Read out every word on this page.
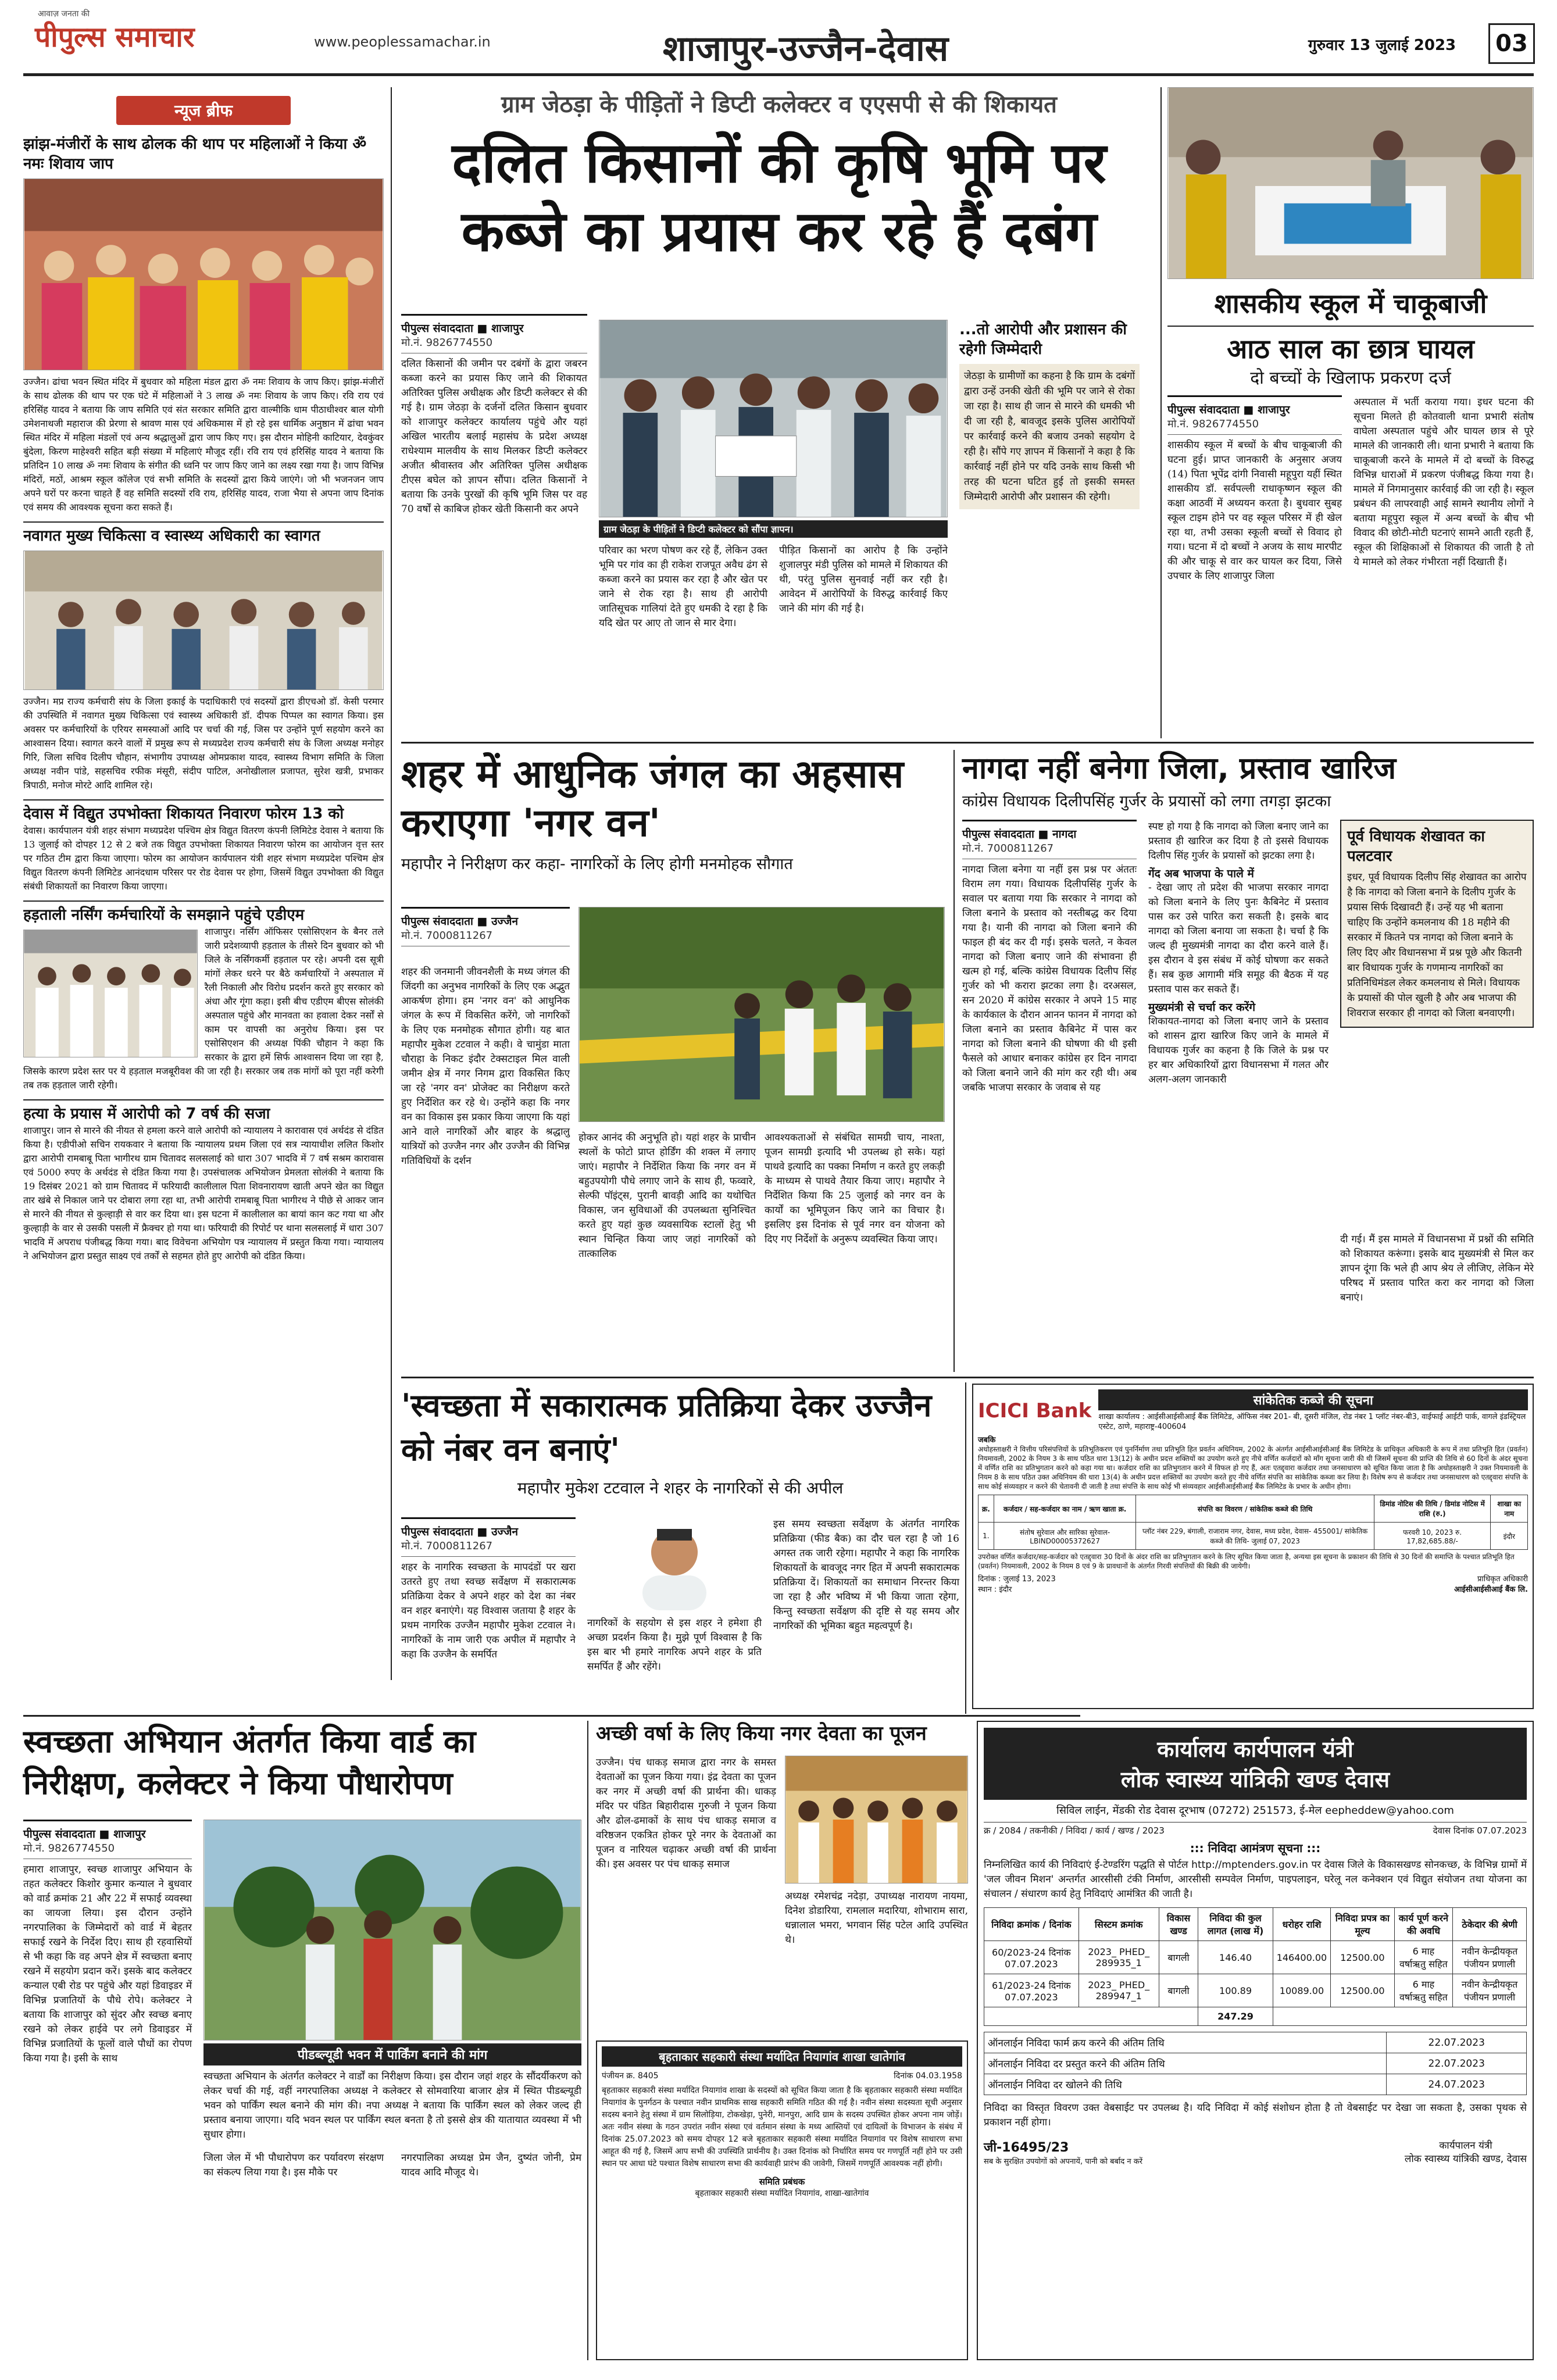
आवाज़ जनता की
पीपुल्स समाचार	www.peoplessamachar.in	शाजापुर-उज्जैन-देवास	गुरुवार 13 जुलाई 2023	03
न्यूज ब्रीफ
झांझ-मंजीरों के साथ ढोलक की थाप पर महिलाओं ने किया ॐ नमः शिवाय जाप
उज्जैन। ढांचा भवन स्थित मंदिर में बुधवार को महिला मंडल द्वारा ॐ नमः शिवाय के जाप किए। झांझ-मंजीरों के साथ ढोलक की थाप पर एक घंटे में महिलाओं ने 3 लाख ॐ नमः शिवाय के जाप किए। रवि राय एवं हरिसिंह यादव ने बताया कि जाप समिति एवं संत सरकार समिति द्वारा वाल्मीकि धाम पीठाधीश्वर बाल योगी उमेशनाथजी महाराज की प्रेरणा से श्रावण मास एवं अधिकमास में हो रहे इस धार्मिक अनुष्ठान में ढांचा भवन स्थित मंदिर में महिला मंडलों एवं अन्य श्रद्धालुओं द्वारा जाप किए गए। इस दौरान मोहिनी काटियार, देवकुंवर बुंदेला, किरण माहेश्वरी सहित बड़ी संख्या में महिलाएं मौजूद रहीं। रवि राय एवं हरिसिंह यादव ने बताया कि प्रतिदिन 10 लाख ॐ नमः शिवाय के संगीत की ध्वनि पर जाप किए जाने का लक्ष्य रखा गया है। जाप विभिन्न मंदिरों, मठों, आश्रम स्कूल कॉलेज एवं सभी समिति के सदस्यों द्वारा किये जाएंगे। जो भी भजनजन जाप अपने घरों पर करना चाहते हैं वह समिति सदस्यों रवि राय, हरिसिंह यादव, राजा भैया से अपना जाप दिनांक एवं समय की आवश्यक सूचना करा सकते हैं।
नवागत मुख्य चिकित्सा व स्वास्थ्य अधिकारी का स्वागत
उज्जैन। मप्र राज्य कर्मचारी संघ के जिला इकाई के पदाधिकारी एवं सदस्यों द्वारा डीएचओ डॉ. केसी परमार की उपस्थिति में नवागत मुख्य चिकित्सा एवं स्वास्थ्य अधिकारी डॉ. दीपक पिप्पल का स्वागत किया। इस अवसर पर कर्मचारियों के एरियर समस्याओं आदि पर चर्चा की गई, जिस पर उन्होंने पूर्ण सहयोग करने का आश्वासन दिया। स्वागत करने वालों में प्रमुख रूप से मध्यप्रदेश राज्य कर्मचारी संघ के जिला अध्यक्ष मनोहर गिरि, जिला सचिव दिलीप चौहान, संभागीय उपाध्यक्ष ओमप्रकाश यादव, स्वास्थ्य विभाग समिति के जिला अध्यक्ष नवीन पांडे, सहसचिव रफीक मंसूरी, संदीप पाटिल, अनोखीलाल प्रजापत, सुरेश खत्री, प्रभाकर त्रिपाठी, मनोज मोरटे आदि शामिल रहे।
देवास में विद्युत उपभोक्ता शिकायत निवारण फोरम 13 को
देवास। कार्यपालन यंत्री शहर संभाग मध्यप्रदेश पश्चिम क्षेत्र विद्युत वितरण कंपनी लिमिटेड देवास ने बताया कि 13 जुलाई को दोपहर 12 से 2 बजे तक विद्युत उपभोक्ता शिकायत निवारण फोरम का आयोजन वृत्त स्तर पर गठित टीम द्वारा किया जाएगा। फोरम का आयोजन कार्यपालन यंत्री शहर संभाग मध्यप्रदेश पश्चिम क्षेत्र विद्युत वितरण कंपनी लिमिटेड आनंदधाम परिसर पर रोड देवास पर होगा, जिसमें विद्युत उपभोक्ता की विद्युत संबंधी शिकायतों का निवारण किया जाएगा।
हड़ताली नर्सिंग कर्मचारियों के समझाने पहुंचे एडीएम
शाजापुर। नर्सिंग ऑफिसर एसोसिएशन के बैनर तले जारी प्रदेशव्यापी हड़ताल के तीसरे दिन बुधवार को भी जिले के नर्सिंगकर्मी हड़ताल पर रहे। अपनी दस सूत्री मांगों लेकर धरने पर बैठे कर्मचारियों ने अस्पताल में रैली निकाली और विरोध प्रदर्शन करते हुए सरकार को अंधा और गूंगा कहा। इसी बीच एडीएम बीएस सोलंकी अस्पताल पहुंचे और मानवता का हवाला देकर नर्सों से काम पर वापसी का अनुरोध किया। इस पर एसोसिएशन की अध्यक्ष पिंकी चौहान ने कहा कि सरकार के द्वारा हमें सिर्फ आश्वासन दिया जा रहा है, जिसके कारण प्रदेश स्तर पर ये हड़ताल मजबूरीवश की जा रही है। सरकार जब तक मांगों को पूरा नहीं करेगी तब तक हड़ताल जारी रहेगी।
हत्या के प्रयास में आरोपी को 7 वर्ष की सजा
शाजापुर। जान से मारने की नीयत से हमला करने वाले आरोपी को न्यायालय ने कारावास एवं अर्थदंड से दंडित किया है। एडीपीओ सचिन रायकवार ने बताया कि न्यायालय प्रथम जिला एवं सत्र न्यायाधीश ललित किशोर द्वारा आरोपी रामबाबू पिता भागीरथ ग्राम चितावद सलसलाई को धारा 307 भादवि में 7 वर्ष सश्रम कारावास एवं 5000 रुपए के अर्थदंड से दंडित किया गया है। उपसंचालक अभियोजन प्रेमलता सोलंकी ने बताया कि 19 दिसंबर 2021 को ग्राम चितावद में फरियादी कालीलाल पिता शिवनारायण खाती अपने खेत का विद्युत तार खंबे से निकाल जाने पर दोबारा लगा रहा था, तभी आरोपी रामबाबू पिता भागीरथ ने पीछे से आकर जान से मारने की नीयत से कुल्हाड़ी से वार कर दिया था। इस घटना में कालीलाल का बायां कान कट गया था और कुल्हाड़ी के वार से उसकी पसली में फ्रैक्चर हो गया था। फरियादी की रिपोर्ट पर थाना सलसलाई में धारा 307 भादवि में अपराध पंजीबद्ध किया गया। बाद विवेचना अभियोग पत्र न्यायालय में प्रस्तुत किया गया। न्यायालय ने अभियोजन द्वारा प्रस्तुत साक्ष्य एवं तर्कों से सहमत होते हुए आरोपी को दंडित किया।
ग्राम जेठड़ा के पीड़ितों ने डिप्टी कलेक्टर व एएसपी से की शिकायत
दलित किसानों की कृषि भूमि पर कब्जे का प्रयास कर रहे हैं दबंग
पीपुल्स संवाददाता ■ शाजापुर
मो.नं. 9826774550
दलित किसानों की जमीन पर दबंगों के द्वारा जबरन कब्जा करने का प्रयास किए जाने की शिकायत अतिरिक्त पुलिस अधीक्षक और डिप्टी कलेक्टर से की गई है। ग्राम जेठड़ा के दर्जनों दलित किसान बुधवार को शाजापुर कलेक्टर कार्यालय पहुंचे और यहां अखिल भारतीय बलाई महासंघ के प्रदेश अध्यक्ष राधेश्याम मालवीय के साथ मिलकर डिप्टी कलेक्टर अजीत श्रीवास्तव और अतिरिक्त पुलिस अधीक्षक टीएस बघेल को ज्ञापन सौंपा। दलित किसानों ने बताया कि उनके पुरखों की कृषि भूमि जिस पर वह 70 वर्षों से काबिज होकर खेती किसानी कर अपने
ग्राम जेठड़ा के पीड़ितों ने डिप्टी कलेक्टर को सौंपा ज्ञापन।
परिवार का भरण पोषण कर रहे हैं, लेकिन उक्त भूमि पर गांव का ही राकेश राजपूत अवैध ढंग से कब्जा करने का प्रयास कर रहा है और खेत पर जाने से रोक रहा है। साथ ही आरोपी जातिसूचक गालियां देते हुए धमकी दे रहा है कि यदि खेत पर आए तो जान से मार देगा।
पीड़ित किसानों का आरोप है कि उन्होंने शुजालपुर मंडी पुलिस को मामले में शिकायत की थी, परंतु पुलिस सुनवाई नहीं कर रही है। आवेदन में आरोपियों के विरुद्ध कार्रवाई किए जाने की मांग की गई है।
...तो आरोपी और प्रशासन की रहेगी जिम्मेदारी
जेठड़ा के ग्रामीणों का कहना है कि ग्राम के दबंगों द्वारा उन्हें उनकी खेती की भूमि पर जाने से रोका जा रहा है। साथ ही जान से मारने की धमकी भी दी जा रही है, बावजूद इसके पुलिस आरोपियों पर कार्रवाई करने की बजाय उनको सहयोग दे रही है। सौंपे गए ज्ञापन में किसानों ने कहा है कि कार्रवाई नहीं होने पर यदि उनके साथ किसी भी तरह की घटना घटित हुई तो इसकी समस्त जिम्मेदारी आरोपी और प्रशासन की रहेगी।
शासकीय स्कूल में चाकूबाजी
आठ साल का छात्र घायल
दो बच्चों के खिलाफ प्रकरण दर्ज
पीपुल्स संवाददाता ■ शाजापुर
मो.नं. 9826774550
शासकीय स्कूल में बच्चों के बीच चाकूबाजी की घटना हुई। प्राप्त जानकारी के अनुसार अजय (14) पिता भूपेंद्र दांगी निवासी महूपुरा यहीं स्थित शासकीय डॉ. सर्वपल्ली राधाकृष्णन स्कूल की कक्षा आठवीं में अध्ययन करता है। बुधवार सुबह स्कूल टाइम होने पर वह स्कूल परिसर में ही खेल रहा था, तभी उसका स्कूली बच्चों से विवाद हो गया। घटना में दो बच्चों ने अजय के साथ मारपीट की और चाकू से वार कर घायल कर दिया, जिसे उपचार के लिए शाजापुर जिला
अस्पताल में भर्ती कराया गया। इधर घटना की सूचना मिलते ही कोतवाली थाना प्रभारी संतोष वाघेला अस्पताल पहुंचे और घायल छात्र से पूरे मामले की जानकारी ली। थाना प्रभारी ने बताया कि चाकूबाजी करने के मामले में दो बच्चों के विरुद्ध विभिन्न धाराओं में प्रकरण पंजीबद्ध किया गया है। मामले में निगमानुसार कार्रवाई की जा रही है। स्कूल प्रबंधन की लापरवाही आई सामने स्थानीय लोगों ने बताया महूपुरा स्कूल में अन्य बच्चों के बीच भी विवाद की छोटी-मोटी घटनाएं सामने आती रहती हैं, स्कूल की शिक्षिकाओं से शिकायत की जाती है तो ये मामले को लेकर गंभीरता नहीं दिखाती हैं।
शहर में आधुनिक जंगल का अहसास कराएगा 'नगर वन'
महापौर ने निरीक्षण कर कहा- नागरिकों के लिए होगी मनमोहक सौगात
पीपुल्स संवाददाता ■ उज्जैन
मो.नं. 7000811267
शहर की जनमानी जीवनशैली के मध्य जंगल की जिंदगी का अनुभव नागरिकों के लिए एक अद्भुत आकर्षण होगा। हम 'नगर वन' को आधुनिक जंगल के रूप में विकसित करेंगे, जो नागरिकों के लिए एक मनमोहक सौगात होगी। यह बात महापौर मुकेश टटवाल ने कही। वे चामुंडा माता चौराहा के निकट इंदौर टेक्सटाइल मिल वाली जमीन क्षेत्र में नगर निगम द्वारा विकसित किए जा रहे 'नगर वन' प्रोजेक्ट का निरीक्षण करते हुए निर्देशित कर रहे थे। उन्होंने कहा कि नगर वन का विकास इस प्रकार किया जाएगा कि यहां आने वाले नागरिकों और बाहर के श्रद्धालु यात्रियों को उज्जैन नगर और उज्जैन की विभिन्न गतिविधियों के दर्शन
होकर आनंद की अनुभूति हो। यहां शहर के प्राचीन स्थलों के फोटो प्राप्त होर्डिंग की शक्ल में लगाए जाएं। महापौर ने निर्देशित किया कि नगर वन में बहुउपयोगी पौधे लगाए जाने के साथ ही, फव्वारे, सेल्फी पॉइंट्स, पुरानी बावड़ी आदि का यथोचित विकास, जन सुविधाओं की उपलब्धता सुनिश्चित करते हुए यहां कुछ व्यवसायिक स्टालों हेतु भी स्थान चिन्हित किया जाए जहां नागरिकों को तात्कालिक
आवश्यकताओं से संबंधित सामग्री चाय, नाश्ता, पूजन सामग्री इत्यादि भी उपलब्ध हो सके। यहां पाथवे इत्यादि का पक्का निर्माण न करते हुए लकड़ी के माध्यम से पाथवे तैयार किया जाए। महापौर ने निर्देशित किया कि 25 जुलाई को नगर वन के कार्यों का भूमिपूजन किए जाने का विचार है। इसलिए इस दिनांक से पूर्व नगर वन योजना को दिए गए निर्देशों के अनुरूप व्यवस्थित किया जाए।
नागदा नहीं बनेगा जिला, प्रस्ताव खारिज
कांग्रेस विधायक दिलीपसिंह गुर्जर के प्रयासों को लगा तगड़ा झटका
पीपुल्स संवाददाता ■ नागदा
मो.नं. 7000811267
नागदा जिला बनेगा या नहीं इस प्रश्न पर अंततः विराम लग गया। विधायक दिलीपसिंह गुर्जर के सवाल पर बताया गया कि सरकार ने नागदा को जिला बनाने के प्रस्ताव को नस्तीबद्ध कर दिया गया है। यानी की नागदा को जिला बनाने की फाइल ही बंद कर दी गई। इसके चलते, न केवल नागदा को जिला बनाए जाने की संभावना ही खत्म हो गई, बल्कि कांग्रेस विधायक दिलीप सिंह गुर्जर को भी करारा झटका लगा है। दरअसल, सन 2020 में कांग्रेस सरकार ने अपने 15 माह के कार्यकाल के दौरान आनन फानन में नागदा को जिला बनाने का प्रस्ताव कैबिनेट में पास कर नागदा को जिला बनाने की घोषणा की थी इसी फैसले को आधार बनाकर कांग्रेस हर दिन नागदा को जिला बनाने जाने की मांग कर रही थी। अब जबकि भाजपा सरकार के जवाब से यह
स्पष्ट हो गया है कि नागदा को जिला बनाए जाने का प्रस्ताव ही खारिज कर दिया है तो इससे विधायक दिलीप सिंह गुर्जर के प्रयासों को झटका लगा है।
गेंद अब भाजपा के पाले में
- देखा जाए तो प्रदेश की भाजपा सरकार नागदा को जिला बनाने के लिए पुनः कैबिनेट में प्रस्ताव पास कर उसे पारित करा सकती है। इसके बाद नागदा को जिला बनाया जा सकता है। चर्चा है कि जल्द ही मुख्यमंत्री नागदा का दौरा करने वाले हैं। इस दौरान वे इस संबंध में कोई घोषणा कर सकते हैं। सब कुछ आगामी मंत्रि समूह की बैठक में यह प्रस्ताव पास कर सकते हैं।
मुख्यमंत्री से चर्चा कर करेंगे
शिकायत-नागदा को जिला बनाए जाने के प्रस्ताव को शासन द्वारा खारिज किए जाने के मामले में विधायक गुर्जर का कहना है कि जिले के प्रश्न पर हर बार अधिकारियों द्वारा विधानसभा में गलत और अलग-अलग जानकारी
पूर्व विधायक शेखावत का पलटवार
इधर, पूर्व विधायक दिलीप सिंह शेखावत का आरोप है कि नागदा को जिला बनाने के दिलीप गुर्जर के प्रयास सिर्फ दिखावटी हैं। उन्हें यह भी बताना चाहिए कि उन्होंने कमलनाथ की 18 महीने की सरकार में कितने पत्र नागदा को जिला बनाने के लिए दिए और विधानसभा में प्रश्न पूछे और कितनी बार विधायक गुर्जर के गणमान्य नागरिकों का प्रतिनिधिमंडल लेकर कमलनाथ से मिले। विधायक के प्रयासों की पोल खुली है और अब भाजपा की शिवराज सरकार ही नागदा को जिला बनवाएगी।
दी गई। मैं इस मामले में विधानसभा में प्रश्नों की समिति को शिकायत करूंगा। इसके बाद मुख्यमंत्री से मिल कर ज्ञापन दूंगा कि भले ही आप श्रेय ले लीजिए, लेकिन मेरे परिषद में प्रस्ताव पारित करा कर नागदा को जिला बनाएं।
'स्वच्छता में सकारात्मक प्रतिक्रिया देकर उज्जैन को नंबर वन बनाएं'
महापौर मुकेश टटवाल ने शहर के नागरिकों से की अपील
पीपुल्स संवाददाता ■ उज्जैन
मो.नं. 7000811267
शहर के नागरिक स्वच्छता के मापदंडों पर खरा उतरते हुए तथा स्वच्छ सर्वेक्षण में सकारात्मक प्रतिक्रिया देकर वे अपने शहर को देश का नंबर वन शहर बनाएंगे। यह विश्वास जताया है शहर के प्रथम नागरिक उज्जैन महापौर मुकेश टटवाल ने। नागरिकों के नाम जारी एक अपील में महापौर ने कहा कि उज्जैन के समर्पित
नागरिकों के सहयोग से इस शहर ने हमेशा ही अच्छा प्रदर्शन किया है। मुझे पूर्ण विश्वास है कि इस बार भी हमारे नागरिक अपने शहर के प्रति समर्पित हैं और रहेंगे।
इस समय स्वच्छता सर्वेक्षण के अंतर्गत नागरिक प्रतिक्रिया (फीड बैक) का दौर चल रहा है जो 16 अगस्त तक जारी रहेगा। महापौर ने कहा कि नागरिक शिकायतों के बावजूद नगर हित में अपनी सकारात्मक प्रतिक्रिया दें। शिकायतों का समाधान निरन्तर किया जा रहा है और भविष्य में भी किया जाता रहेगा, किन्तु स्वच्छता सर्वेक्षण की दृष्टि से यह समय और नागरिकों की भूमिका बहुत महत्वपूर्ण है।
ICICI Bank	सांकेतिक कब्जे की सूचना
शाखा कार्यालय : आईसीआईसीआई बैंक लिमिटेड, ऑफिस नंबर 201- बी, दूसरी मंजिल, रोड नंबर 1 प्लॉट नंबर-बी3, वाईफाई आईटी पार्क, वागले इंडस्ट्रियल एस्टेट, ठाणे, महाराष्ट्र-400604
जबकि
अधोहस्ताक्षरी ने वित्तीय परिसंपत्तियों के प्रतिभूतिकरण एवं पुनर्निर्माण तथा प्रतिभूति हित प्रवर्तन अधिनियम, 2002 के अंतर्गत आईसीआईसीआई बैंक लिमिटेड के प्राधिकृत अधिकारी के रूप में तथा प्रतिभूति हित (प्रवर्तन) नियमावली, 2002 के नियम 3 के साथ पठित धारा 13(12) के अधीन प्रदत्त शक्तियों का उपयोग करते हुए नीचे वर्णित कर्जदारों को माँग सूचना जारी की थी जिसमें सूचना की प्राप्ति की तिथि से 60 दिनों के अंदर सूचना में वर्णित राशि का प्रतिभुगतान करने को कहा गया था। कर्जदार राशि का प्रतिभुगतान करने में विफल हो गए हैं, अतः एतद्द्वारा कर्जदार तथा जनसाधारण को सूचित किया जाता है कि अधोहस्ताक्षरी ने उक्त नियमावली के नियम 8 के साथ पठित उक्त अधिनियम की धारा 13(4) के अधीन प्रदत्त शक्तियों का उपयोग करते हुए नीचे वर्णित संपत्ति का सांकेतिक कब्जा कर लिया है। विशेष रूप से कर्जदार तथा जनसाधारण को एतद्द्वारा संपत्ति के साथ कोई संव्यवहार न करने की चेतावनी दी जाती है तथा संपत्ति के साथ कोई भी संव्यवहार आईसीआईसीआई बैंक लिमिटेड के प्रभार के अधीन होगा।
क्र.	कर्जदार / सह-कर्जदार का नाम / ऋण खाता क्र.	संपत्ति का विवरण / सांकेतिक कब्जे की तिथि	डिमांड नोटिस की तिथि / डिमांड नोटिस में राशि (रु.)	शाखा का नाम
1.	संतोष सुरेवाल और सारिका सुरेवाल- LBIND00005372627	प्लॉट नंबर 229, बंगाली, राजाराम नगर, देवास, मध्य प्रदेश, देवास- 455001/ सांकेतिक कब्जे की तिथि- जुलाई 07, 2023	फरवरी 10, 2023 रु. 17,82,685.88/-	इंदौर
उपरोक्त वर्णित कर्जदार/सह-कर्जदार को एतद्द्वारा 30 दिनों के अंदर राशि का प्रतिभुगतान करने के लिए सूचित किया जाता है, अन्यथा इस सूचना के प्रकाशन की तिथि से 30 दिनों की समाप्ति के पश्चात प्रतिभूति हित (प्रवर्तन) नियमावली, 2002 के नियम 8 एवं 9 के प्रावधानों के अंतर्गत गिरवी संपत्तियों की बिक्री की जायेगी।
दिनांक : जुलाई 13, 2023
स्थान : इंदौर
प्राधिकृत अधिकारी
आईसीआईसीआई बैंक लि.
स्वच्छता अभियान अंतर्गत किया वार्ड का निरीक्षण, कलेक्टर ने किया पौधारोपण
पीपुल्स संवाददाता ■ शाजापुर
मो.नं. 9826774550
हमारा शाजापुर, स्वच्छ शाजापुर अभियान के तहत कलेक्टर किशोर कुमार कन्याल ने बुधवार को वार्ड क्रमांक 21 और 22 में सफाई व्यवस्था का जायजा लिया। इस दौरान उन्होंने नगरपालिका के जिम्मेदारों को वार्ड में बेहतर सफाई रखने के निर्देश दिए। साथ ही रहवासियों से भी कहा कि वह अपने क्षेत्र में स्वच्छता बनाए रखने में सहयोग प्रदान करें। इसके बाद कलेक्टर कन्याल एबी रोड पर पहुंचे और यहां डिवाइडर में विभिन्न प्रजातियों के पौधे रोपे। कलेक्टर ने बताया कि शाजापुर को सुंदर और स्वच्छ बनाए रखने को लेकर हाईवे पर लगे डिवाइडर में विभिन्न प्रजातियों के फूलों वाले पौधों का रोपण किया गया है। इसी के साथ	पीडब्ल्यूडी भवन में पार्किंग बनाने की मांग
स्वच्छता अभियान के अंतर्गत कलेक्टर ने वार्डों का निरीक्षण किया। इस दौरान जहां शहर के सौंदर्यीकरण को लेकर चर्चा की गई, वहीं नगरपालिका अध्यक्ष ने कलेक्टर से सोमवारिया बाजार क्षेत्र में स्थित पीडब्ल्यूडी भवन को पार्किंग स्थल बनाने की मांग की। नपा अध्यक्ष ने बताया कि पार्किंग स्थल को लेकर जल्द ही प्रस्ताव बनाया जाएगा। यदि भवन स्थल पर पार्किंग स्थल बनता है तो इससे क्षेत्र की यातायात व्यवस्था में भी सुधार होगा।
जिला जेल में भी पौधारोपण कर पर्यावरण संरक्षण का संकल्प लिया गया है। इस मौके पर
नगरपालिका अध्यक्ष प्रेम जैन, दुष्यंत जोनी, प्रेम यादव आदि मौजूद थे।
अच्छी वर्षा के लिए किया नगर देवता का पूजन
उज्जैन। पंच धाकड़ समाज द्वारा नगर के समस्त देवताओं का पूजन किया गया। इंद्र देवता का पूजन कर नगर में अच्छी वर्षा की प्रार्थना की। धाकड़ मंदिर पर पंडित बिहारीदास गुरुजी ने पूजन किया और ढोल-ढमाकों के साथ पंच धाकड़ समाज व वरिष्ठजन एकत्रित होकर पूरे नगर के देवताओं का पूजन व नारियल चढ़ाकर अच्छी वर्षा की प्रार्थना की। इस अवसर पर पंच धाकड़ समाज
अध्यक्ष रमेशचंद्र नदेड़ा, उपाध्यक्ष नारायण नायमा, दिनेश डोडारिया, रामलाल मदारिया, शोभाराम सारा, धन्नालाल भमरा, भगवान सिंह पटेल आदि उपस्थित थे।
बृहताकार सहकारी संस्था मर्यादित नियागांव शाखा खातेगांव
पंजीयन क्र. 8405	दिनांक 04.03.1958
बृहताकार सहकारी संस्था मर्यादित नियागांव शाखा के सदस्यों को सूचित किया जाता है कि बृहताकार सहकारी संस्था मर्यादित नियागांव के पुनर्गठन के पश्चात नवीन प्राथमिक साख सहकारी समिति गठित की गई है। नवीन संस्था सदस्यता सूची अनुसार सदस्य बनाने हेतु संस्था में ग्राम सिलोड़िया, टोकखेड़ा, पुनेरी, मानपुरा, आदि ग्राम के सदस्य उपस्थित होकर अपना नाम जोड़ें। अतः नवीन संस्था के गठन उपरांत नवीन संस्था एवं वर्तमान संस्था के मध्य आस्तियों एवं दायित्वों के विभाजन के संबंध में दिनांक 25.07.2023 को समय दोपहर 12 बजे बृहताकार सहकारी संस्था मर्यादित नियागांव पर विशेष साधारण सभा आहूत की गई है, जिसमें आप सभी की उपस्थिति प्रार्थनीय है। उक्त दिनांक को निर्धारित समय पर गणपूर्ति नहीं होने पर उसी स्थान पर आधा घंटे पश्चात विशेष साधारण सभा की कार्यवाही प्रारंभ की जावेगी, जिसमें गणपूर्ति आवश्यक नहीं होगी।
समिति प्रबंधक
बृहताकार सहकारी संस्था मर्यादित नियागांव, शाखा-खातेगांव
कार्यालय कार्यपालन यंत्री
लोक स्वास्थ्य यांत्रिकी खण्ड देवास
सिविल लाईन, मेंडकी रोड देवास दूरभाष (07272) 251573, ई-मेल eepheddew@yahoo.com
क्र / 2084 / तकनीकी / निविदा / कार्य / खण्ड / 2023	देवास दिनांक 07.07.2023
::: निविदा आमंत्रण सूचना :::
निम्नलिखित कार्य की निविदाएं ई-टेण्डरिंग पद्धति से पोर्टल http://mptenders.gov.in पर देवास जिले के विकासखण्ड सोनकच्छ, के विभिन्न ग्रामों में 'जल जीवन मिशन' अन्तर्गत आरसीसी टंकी निर्माण, आरसीसी सम्पवेल निर्माण, पाइपलाइन, घरेलू नल कनेक्शन एवं विद्युत संयोजन तथा योजना का संचालन / संधारण कार्य हेतु निविदाएं आमंत्रित की जाती है।
निविदा क्रमांक / दिनांक	सिस्टम क्रमांक	विकास खण्ड	निविदा की कुल लागत (लाख में)	धरोहर राशि	निविदा प्रपत्र का मूल्य	कार्य पूर्ण करने की अवधि	ठेकेदार की श्रेणी
60/2023-24 दिनांक 07.07.2023	2023_ PHED_ 289935_1	बागली	146.40	146400.00	12500.00	6 माह वर्षाऋतु सहित	नवीन केन्द्रीयकृत पंजीयन प्रणाली
61/2023-24 दिनांक 07.07.2023	2023_ PHED_ 289947_1	बागली	100.89	10089.00	12500.00	6 माह वर्षाऋतु सहित	नवीन केन्द्रीयकृत पंजीयन प्रणाली
			247.29				
ऑनलाईन निविदा फार्म क्रय करने की अंतिम तिथि	22.07.2023
ऑनलाईन निविदा दर प्रस्तुत करने की अंतिम तिथि	22.07.2023
ऑनलाईन निविदा दर खोलने की तिथि	24.07.2023
निविदा का विस्तृत विवरण उक्त वेबसाईट पर उपलब्ध है। यदि निविदा में कोई संशोधन होता है तो वेबसाईट पर देखा जा सकता है, उसका पृथक से प्रकाशन नहीं होगा।
जी-16495/23
सब के सुरक्षित उपयोगों को अपनायें, पानी को बर्बाद न करें
कार्यपालन यंत्री
लोक स्वास्थ्य यांत्रिकी खण्ड, देवास
